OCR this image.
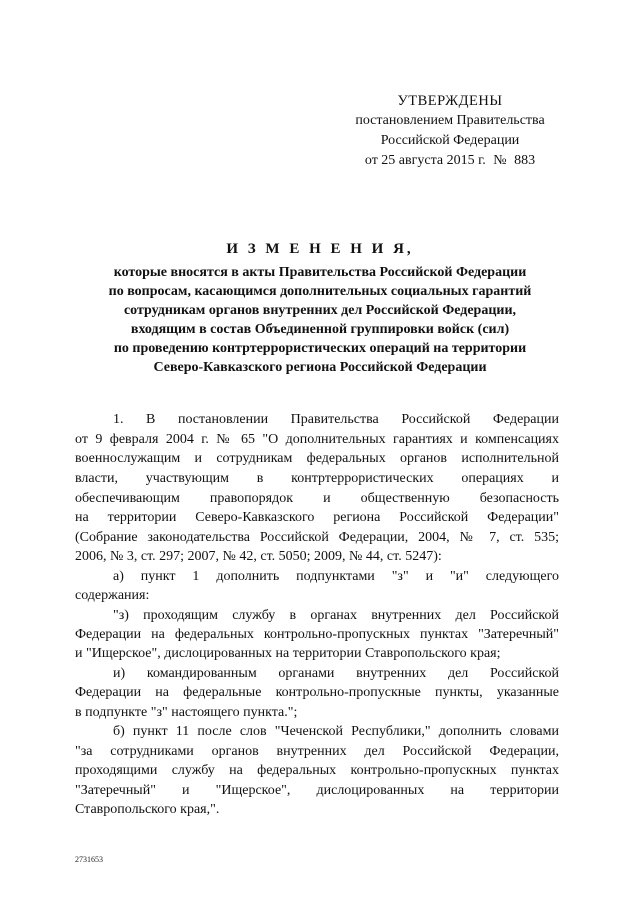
УТВЕРЖДЕНЫ
постановлением Правительства
Российской Федерации
от 25 августа 2015 г. № 883
И З М Е Н Е Н И Я,
которые вносятся в акты Правительства Российской Федерации
по вопросам, касающимся дополнительных социальных гарантий
сотрудникам органов внутренних дел Российской Федерации,
входящим в состав Объединенной группировки войск (сил)
по проведению контртеррористических операций на территории
Северо-Кавказского региона Российской Федерации
1. В постановлении Правительства Российской Федерации
от 9 февраля 2004 г. № 65 "О дополнительных гарантиях и компенсациях
военнослужащим и сотрудникам федеральных органов исполнительной
власти, участвующим в контртеррористических операциях и
обеспечивающим правопорядок и общественную безопасность
на территории Северо-Кавказского региона Российской Федерации"
(Собрание законодательства Российской Федерации, 2004, № 7, ст. 535;
2006, № 3, ст. 297; 2007, № 42, ст. 5050; 2009, № 44, ст. 5247):
а) пункт 1 дополнить подпунктами "з" и "и" следующего
содержания:
"з) проходящим службу в органах внутренних дел Российской
Федерации на федеральных контрольно-пропускных пунктах "Затеречный"
и "Ищерское", дислоцированных на территории Ставропольского края;
и) командированным органами внутренних дел Российской
Федерации на федеральные контрольно-пропускные пункты, указанные
в подпункте "з" настоящего пункта.";
б) пункт 11 после слов "Чеченской Республики," дополнить словами
"за сотрудниками органов внутренних дел Российской Федерации,
проходящими службу на федеральных контрольно-пропускных пунктах
"Затеречный" и "Ищерское", дислоцированных на территории
Ставропольского края,".
2731653
